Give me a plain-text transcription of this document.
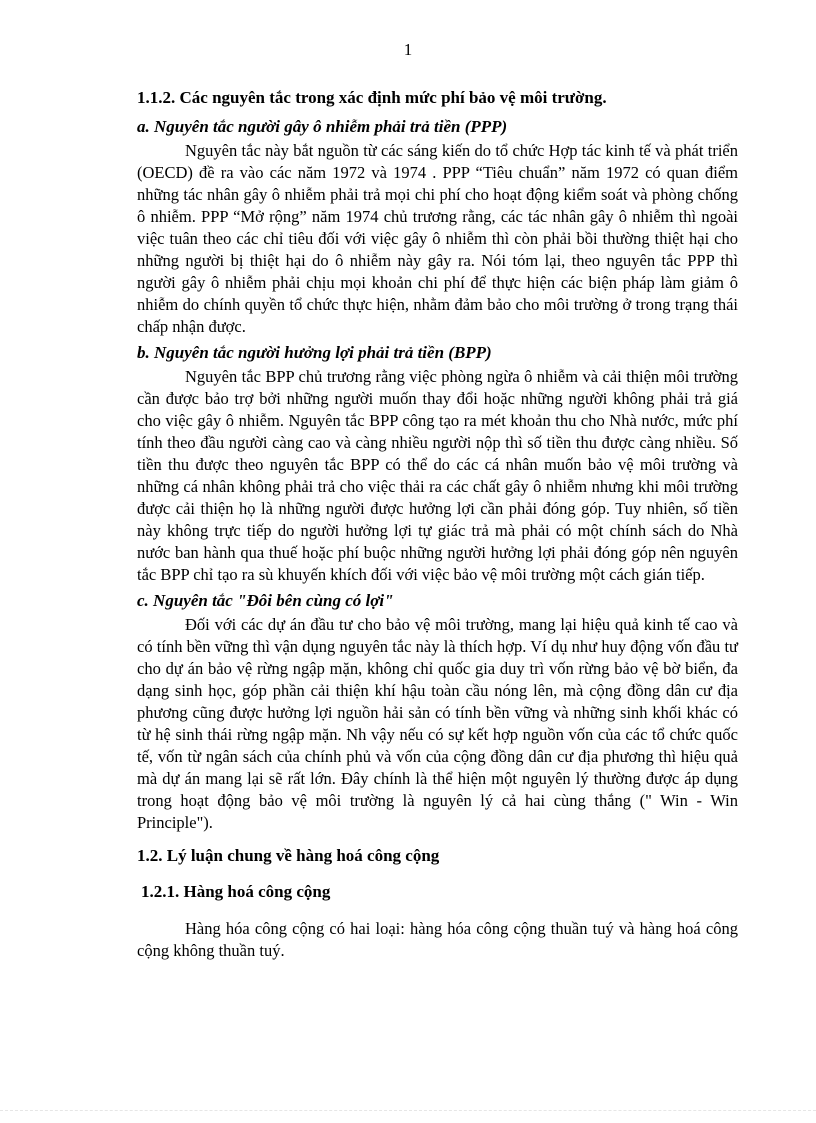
1
1.1.2. Các nguyên tắc trong xác định mức phí bảo vệ môi trường.
a. Nguyên tắc người gây ô nhiễm phải trả tiền (PPP)

Nguyên tắc này bắt nguồn từ các sáng kiến do tổ chức Hợp tác kinh tế và phát triển (OECD) đề ra vào các năm 1972 và 1974 . PPP “Tiêu chuẩn” năm 1972 có quan điểm những tác nhân gây ô nhiễm phải trả mọi chi phí cho hoạt động kiểm soát và phòng chống ô nhiễm. PPP “Mở rộng” năm 1974 chủ trương rằng, các tác nhân gây ô nhiễm thì ngoài việc tuân theo các chỉ tiêu đối với việc gây ô nhiễm thì còn phải bồi thường thiệt hại cho những người bị thiệt hại do ô nhiễm này gây ra. Nói tóm lại, theo nguyên tắc PPP thì người gây ô nhiễm phải chịu mọi khoản chi phí để thực hiện các biện pháp làm giảm ô nhiễm do chính quyền tổ chức thực hiện, nhằm đảm bảo cho môi trường ở trong trạng thái chấp nhận được.

b. Nguyên tắc người hưởng lợi phải trả tiền (BPP)

Nguyên tắc BPP chủ trương rằng việc phòng ngừa ô nhiễm và cải thiện môi trường cần được bảo trợ bởi những người muốn thay đổi hoặc những người không phải trả giá cho việc gây ô nhiễm. Nguyên tắc BPP công tạo ra mét khoản thu cho Nhà nước, mức phí tính theo đầu người càng cao và càng nhiều người nộp thì số tiền thu được càng nhiều. Số tiền thu được theo nguyên tắc BPP có thể do các cá nhân muốn bảo vệ môi trường và những cá nhân không phải trả cho việc thải ra các chất gây ô nhiễm nhưng khi môi trường được cải thiện họ là những người được hưởng lợi cần phải đóng góp. Tuy nhiên, số tiền này không trực tiếp do người hưởng lợi tự giác trả mà phải có một chính sách do Nhà nước ban hành qua thuế hoặc phí buộc những người hưởng lợi phải đóng góp nên nguyên tắc BPP chỉ tạo ra sù khuyến khích đối với việc bảo vệ môi trường một cách gián tiếp.

c. Nguyên tắc "Đôi bên cùng có lợi"

Đối với các dự án đầu tư cho bảo vệ môi trường, mang lại hiệu quả kinh tế cao và có tính bền vững thì vận dụng nguyên tắc này là thích hợp. Ví dụ như huy động vốn đầu tư cho dự án bảo vệ rừng ngập mặn, không chỉ quốc gia duy trì vốn rừng bảo vệ bờ biển, đa dạng sinh học, góp phần cải thiện khí hậu toàn cầu nóng lên, mà cộng đồng dân cư địa phương cũng được hưởng lợi nguồn hải sản có tính bền vững và những sinh khối khác có từ hệ sinh thái rừng ngập mặn. Nh vậy nếu có sự kết hợp nguồn vốn của các tổ chức quốc tế, vốn từ ngân sách của chính phủ và vốn của cộng đồng dân cư địa phương thì hiệu quả mà dự án mang lại sẽ rất lớn. Đây chính là thể hiện một nguyên lý thường được áp dụng trong hoạt động bảo vệ môi trường là nguyên lý cả hai cùng thắng (" Win - Win Principle").

1.2. Lý luận chung về hàng hoá công cộng
1.2.1. Hàng hoá công cộng

Hàng hóa công cộng có hai loại: hàng hóa công cộng thuần tuý và hàng hoá công cộng không thuần tuý.
